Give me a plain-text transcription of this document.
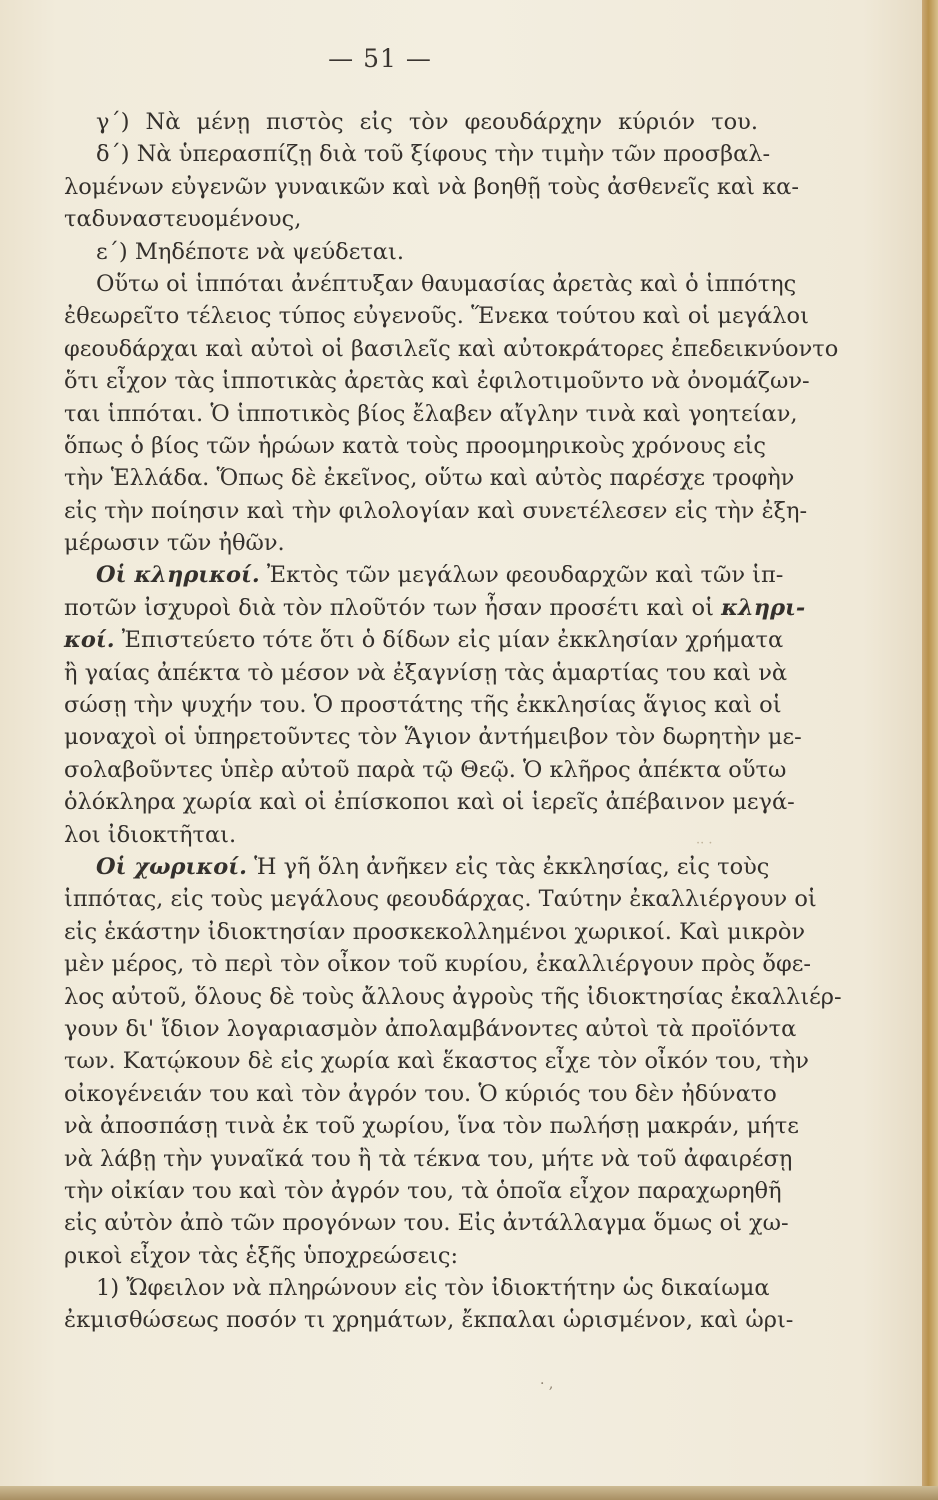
— 51 —
γ΄) Νὰ μένῃ πιστὸς εἰς τὸν φεουδάρχην κύριόν του.
δ΄) Νὰ ὑπερασπίζῃ διὰ τοῦ ξίφους τὴν τιμὴν τῶν προσβαλ-
λομένων εὐγενῶν γυναικῶν καὶ νὰ βοηθῇ τοὺς ἀσθενεῖς καὶ κα-
ταδυναστευομένους,
ε΄) Μηδέποτε νὰ ψεύδεται.
Οὕτω οἱ ἱππόται ἀνέπτυξαν θαυμασίας ἀρετὰς καὶ ὁ ἱππότης
ἐθεωρεῖτο τέλειος τύπος εὐγενοῦς. Ἕνεκα τούτου καὶ οἱ μεγάλοι
φεουδάρχαι καὶ αὐτοὶ οἱ βασιλεῖς καὶ αὐτοκράτορες ἐπεδεικνύοντο
ὅτι εἶχον τὰς ἱπποτικὰς ἀρετὰς καὶ ἐφιλοτιμοῦντο νὰ ὀνομάζων-
ται ἱππόται. Ὁ ἱπποτικὸς βίος ἔλαβεν αἴγλην τινὰ καὶ γοητείαν,
ὅπως ὁ βίος τῶν ἡρώων κατὰ τοὺς προομηρικοὺς χρόνους εἰς
τὴν Ἑλλάδα. Ὅπως δὲ ἐκεῖνος, οὕτω καὶ αὐτὸς παρέσχε τροφὴν
εἰς τὴν ποίησιν καὶ τὴν φιλολογίαν καὶ συνετέλεσεν εἰς τὴν ἐξη-
μέρωσιν τῶν ἠθῶν.
Οἱ κληρικοί. Ἐκτὸς τῶν μεγάλων φεουδαρχῶν καὶ τῶν ἱπ-
ποτῶν ἰσχυροὶ διὰ τὸν πλοῦτόν των ἦσαν προσέτι καὶ οἱ κληρι-
κοί. Ἐπιστεύετο τότε ὅτι ὁ δίδων εἰς μίαν ἐκκλησίαν χρήματα
ἢ γαίας ἀπέκτα τὸ μέσον νὰ ἐξαγνίσῃ τὰς ἁμαρτίας του καὶ νὰ
σώσῃ τὴν ψυχήν του. Ὁ προστάτης τῆς ἐκκλησίας ἅγιος καὶ οἱ
μοναχοὶ οἱ ὑπηρετοῦντες τὸν Ἅγιον ἀντήμειβον τὸν δωρητὴν με-
σολαβοῦντες ὑπὲρ αὐτοῦ παρὰ τῷ Θεῷ. Ὁ κλῆρος ἀπέκτα οὕτω
ὁλόκληρα χωρία καὶ οἱ ἐπίσκοποι καὶ οἱ ἱερεῖς ἀπέβαινον μεγά-
λοι ἰδιοκτῆται.
Οἱ χωρικοί. Ἡ γῆ ὅλη ἀνῆκεν εἰς τὰς ἐκκλησίας, εἰς τοὺς
ἱππότας, εἰς τοὺς μεγάλους φεουδάρχας. Ταύτην ἐκαλλιέργουν οἱ
εἰς ἑκάστην ἰδιοκτησίαν προσκεκολλημένοι χωρικοί. Καὶ μικρὸν
μὲν μέρος, τὸ περὶ τὸν οἶκον τοῦ κυρίου, ἐκαλλιέργουν πρὸς ὄφε-
λος αὐτοῦ, ὅλους δὲ τοὺς ἄλλους ἀγροὺς τῆς ἰδιοκτησίας ἐκαλλιέρ-
γουν δι' ἴδιον λογαριασμὸν ἀπολαμβάνοντες αὐτοὶ τὰ προϊόντα
των. Κατῴκουν δὲ εἰς χωρία καὶ ἕκαστος εἶχε τὸν οἶκόν του, τὴν
οἰκογένειάν του καὶ τὸν ἀγρόν του. Ὁ κύριός του δὲν ἠδύνατο
νὰ ἀποσπάσῃ τινὰ ἐκ τοῦ χωρίου, ἵνα τὸν πωλήσῃ μακράν, μήτε
νὰ λάβῃ τὴν γυναῖκά του ἢ τὰ τέκνα του, μήτε νὰ τοῦ ἀφαιρέσῃ
τὴν οἰκίαν του καὶ τὸν ἀγρόν του, τὰ ὁποῖα εἶχον παραχωρηθῆ
εἰς αὐτὸν ἀπὸ τῶν προγόνων του. Εἰς ἀντάλλαγμα ὅμως οἱ χω-
ρικοὶ εἶχον τὰς ἑξῆς ὑποχρεώσεις:
1) Ὤφειλον νὰ πληρώνουν εἰς τὸν ἰδιοκτήτην ὡς δικαίωμα
ἐκμισθώσεως ποσόν τι χρημάτων, ἔκπαλαι ὡρισμένον, καὶ ὡρι-
·· ·
· ,
